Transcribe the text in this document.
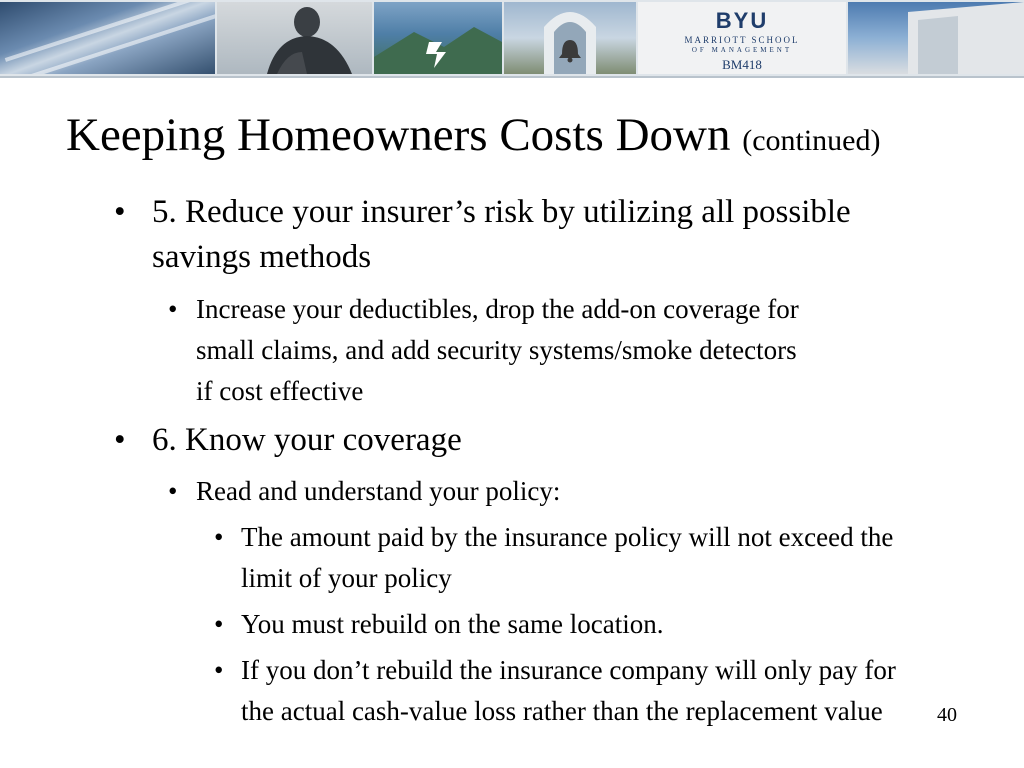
BYU
MARRIOTT SCHOOL
OF MANAGEMENT
BM418
Keeping Homeowners Costs Down (continued)
• 5. Reduce your insurer’s risk by utilizing all possible savings methods
• Increase your deductibles, drop the add-on coverage for small claims, and add security systems/smoke detectors if cost effective
• 6. Know your coverage
• Read and understand your policy:
• The amount paid by the insurance policy will not exceed the limit of your policy
• You must rebuild on the same location.
• If you don’t rebuild the insurance company will only pay for the actual cash-value loss rather than the replacement value	40
